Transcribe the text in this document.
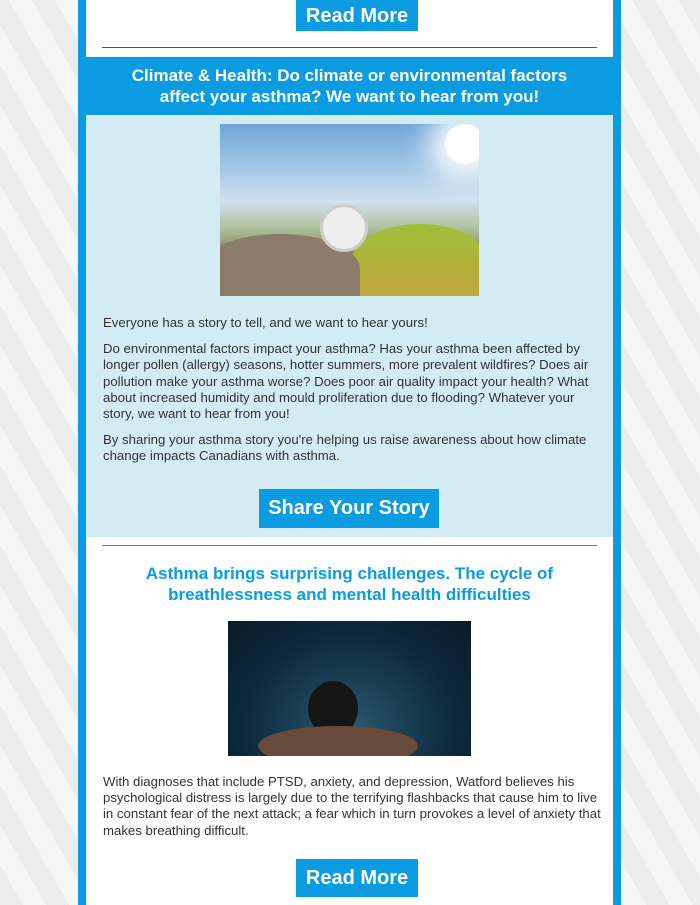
Read More
Climate & Health: Do climate or environmental factors affect your asthma? We want to hear from you!

Everyone has a story to tell, and we want to hear yours!

Do environmental factors impact your asthma? Has your asthma been affected by longer pollen (allergy) seasons, hotter summers, more prevalent wildfires? Does air pollution make your asthma worse? Does poor air quality impact your health? What about increased humidity and mould proliferation due to flooding? Whatever your story, we want to hear from you!

By sharing your asthma story you're helping us raise awareness about how climate change impacts Canadians with asthma.

Share Your Story
Asthma brings surprising challenges. The cycle of breathlessness and mental health difficulties
With diagnoses that include PTSD, anxiety, and depression, Watford believes his psychological distress is largely due to the terrifying flashbacks that cause him to live in constant fear of the next attack; a fear which in turn provokes a level of anxiety that makes breathing difficult.
Read More
